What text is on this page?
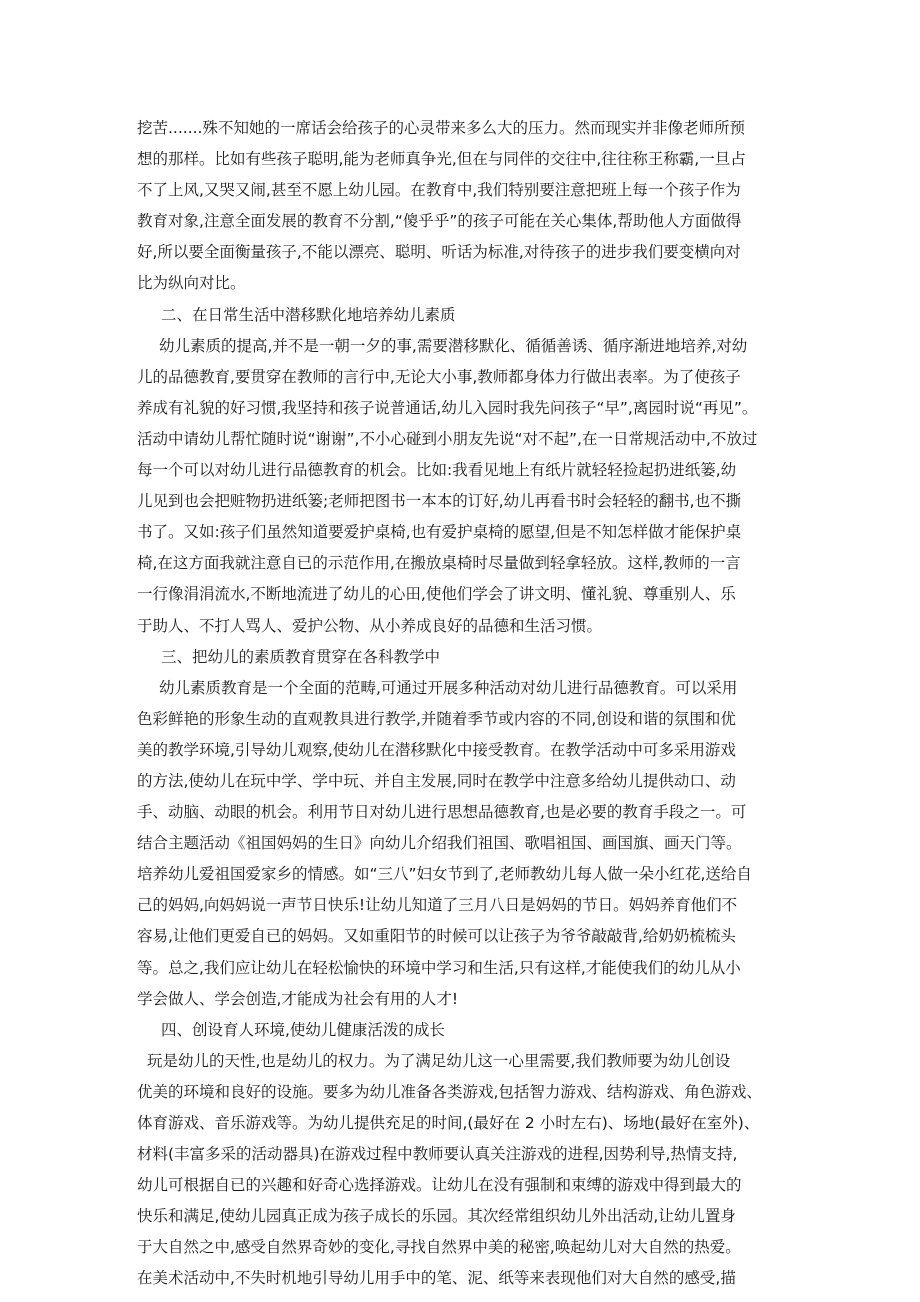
挖苦.......殊不知她的一席话会给孩子的心灵带来多么大的压力。然而现实并非像老师所预
想的那样。比如有些孩子聪明,能为老师真争光,但在与同伴的交往中,往往称王称霸,一旦占
不了上风,又哭又闹,甚至不愿上幼儿园。在教育中,我们特别要注意把班上每一个孩子作为
教育对象,注意全面发展的教育不分割,“傻乎乎”的孩子可能在关心集体,帮助他人方面做得
好,所以要全面衡量孩子,不能以漂亮、聪明、听话为标准,对待孩子的进步我们要变横向对
比为纵向对比。
二、在日常生活中潜移默化地培养幼儿素质
幼儿素质的提高,并不是一朝一夕的事,需要潜移默化、循循善诱、循序渐进地培养,对幼
儿的品德教育,要贯穿在教师的言行中,无论大小事,教师都身体力行做出表率。为了使孩子
养成有礼貌的好习惯,我坚持和孩子说普通话,幼儿入园时我先问孩子“早”,离园时说“再见”。
活动中请幼儿帮忙随时说“谢谢”,不小心碰到小朋友先说“对不起”,在一日常规活动中,不放过
每一个可以对幼儿进行品德教育的机会。比如:我看见地上有纸片就轻轻捡起扔进纸篓,幼
儿见到也会把赃物扔进纸篓;老师把图书一本本的订好,幼儿再看书时会轻轻的翻书,也不撕
书了。又如:孩子们虽然知道要爱护桌椅,也有爱护桌椅的愿望,但是不知怎样做才能保护桌
椅,在这方面我就注意自已的示范作用,在搬放桌椅时尽量做到轻拿轻放。这样,教师的一言
一行像涓涓流水,不断地流进了幼儿的心田,使他们学会了讲文明、懂礼貌、尊重别人、乐
于助人、不打人骂人、爱护公物、从小养成良好的品德和生活习惯。
三、把幼儿的素质教育贯穿在各科教学中
幼儿素质教育是一个全面的范畴,可通过开展多种活动对幼儿进行品德教育。可以采用
色彩鲜艳的形象生动的直观教具进行教学,并随着季节或内容的不同,创设和谐的氛围和优
美的教学环境,引导幼儿观察,使幼儿在潜移默化中接受教育。在教学活动中可多采用游戏
的方法,使幼儿在玩中学、学中玩、并自主发展,同时在教学中注意多给幼儿提供动口、动
手、动脑、动眼的机会。利用节日对幼儿进行思想品德教育,也是必要的教育手段之一。可
结合主题活动《祖国妈妈的生日》向幼儿介绍我们祖国、歌唱祖国、画国旗、画天门等。
培养幼儿爱祖国爱家乡的情感。如“三八”妇女节到了,老师教幼儿每人做一朵小红花,送给自
己的妈妈,向妈妈说一声节日快乐!让幼儿知道了三月八日是妈妈的节日。妈妈养育他们不
容易,让他们更爱自已的妈妈。又如重阳节的时候可以让孩子为爷爷敲敲背,给奶奶梳梳头
等。总之,我们应让幼儿在轻松愉快的环境中学习和生活,只有这样,才能使我们的幼儿从小
学会做人、学会创造,才能成为社会有用的人才!
四、创设育人环境,使幼儿健康活泼的成长
玩是幼儿的天性,也是幼儿的权力。为了满足幼儿这一心里需要,我们教师要为幼儿创设
优美的环境和良好的设施。要多为幼儿准备各类游戏,包括智力游戏、结构游戏、角色游戏、
体育游戏、音乐游戏等。为幼儿提供充足的时间,(最好在 2 小时左右)、场地(最好在室外)、
材料(丰富多采的活动器具)在游戏过程中教师要认真关注游戏的进程,因势利导,热情支持,
幼儿可根据自已的兴趣和好奇心选择游戏。让幼儿在没有强制和束缚的游戏中得到最大的
快乐和满足,使幼儿园真正成为孩子成长的乐园。其次经常组织幼儿外出活动,让幼儿置身
于大自然之中,感受自然界奇妙的变化,寻找自然界中美的秘密,唤起幼儿对大自然的热爱。
在美术活动中,不失时机地引导幼儿用手中的笔、泥、纸等来表现他们对大自然的感受,描
